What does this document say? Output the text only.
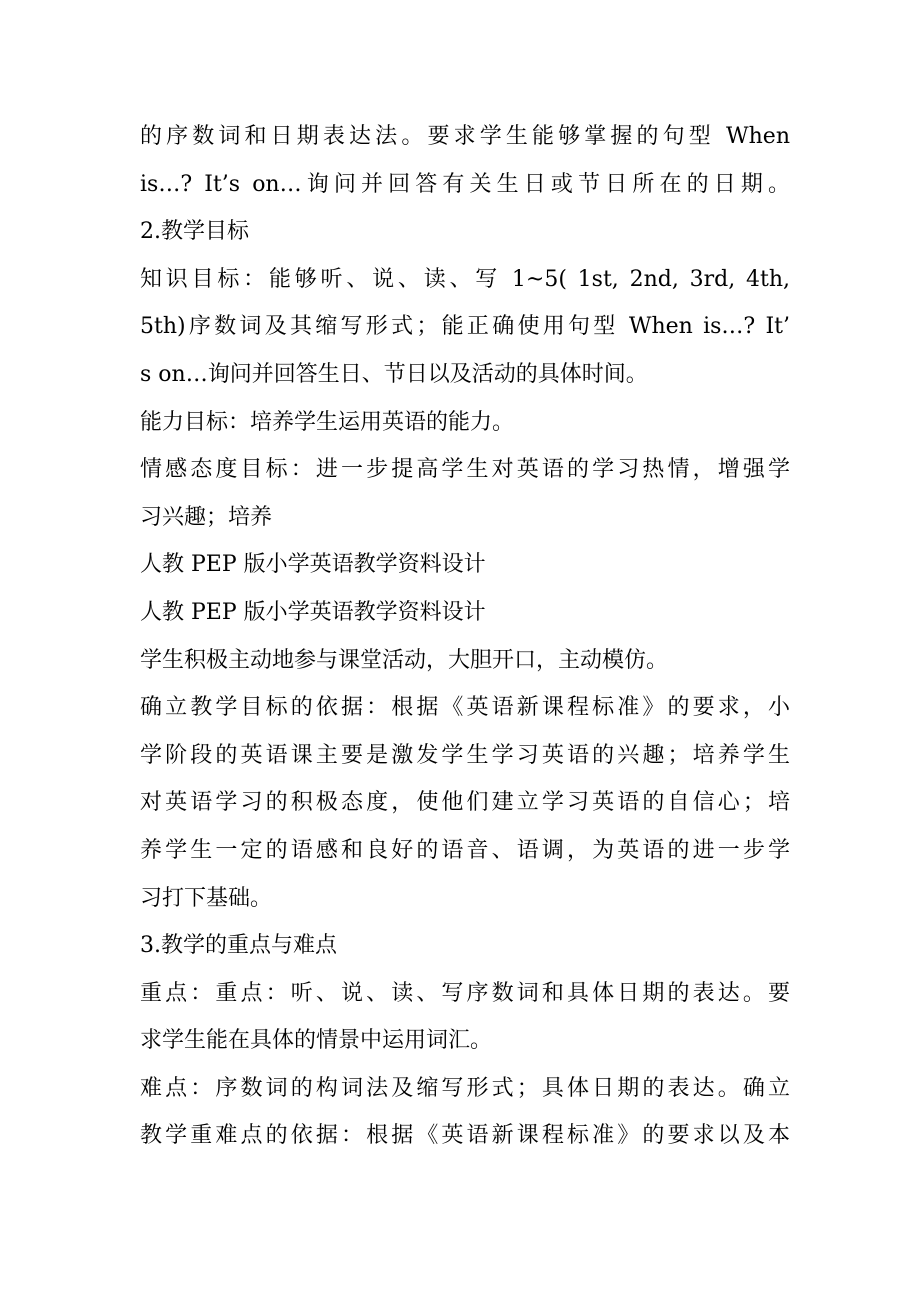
的序数词和日期表达法。要求学生能够掌握的句型 When
is…? It’s on…询问并回答有关生日或节日所在的日期。
2.教学目标
知识目标：能够听、说、读、写 1~5( 1st, 2nd, 3rd, 4th,
5th)序数词及其缩写形式；能正确使用句型 When is…? It’
s on…询问并回答生日、节日以及活动的具体时间。
能力目标：培养学生运用英语的能力。
情感态度目标：进一步提高学生对英语的学习热情，增强学
习兴趣；培养
人教 PEP 版小学英语教学资料设计
人教 PEP 版小学英语教学资料设计
学生积极主动地参与课堂活动，大胆开口，主动模仿。
确立教学目标的依据：根据《英语新课程标准》的要求，小
学阶段的英语课主要是激发学生学习英语的兴趣；培养学生
对英语学习的积极态度，使他们建立学习英语的自信心；培
养学生一定的语感和良好的语音、语调，为英语的进一步学
习打下基础。
3.教学的重点与难点
重点：重点：听、说、读、写序数词和具体日期的表达。要
求学生能在具体的情景中运用词汇。
难点：序数词的构词法及缩写形式；具体日期的表达。确立
教学重难点的依据：根据《英语新课程标准》的要求以及本
